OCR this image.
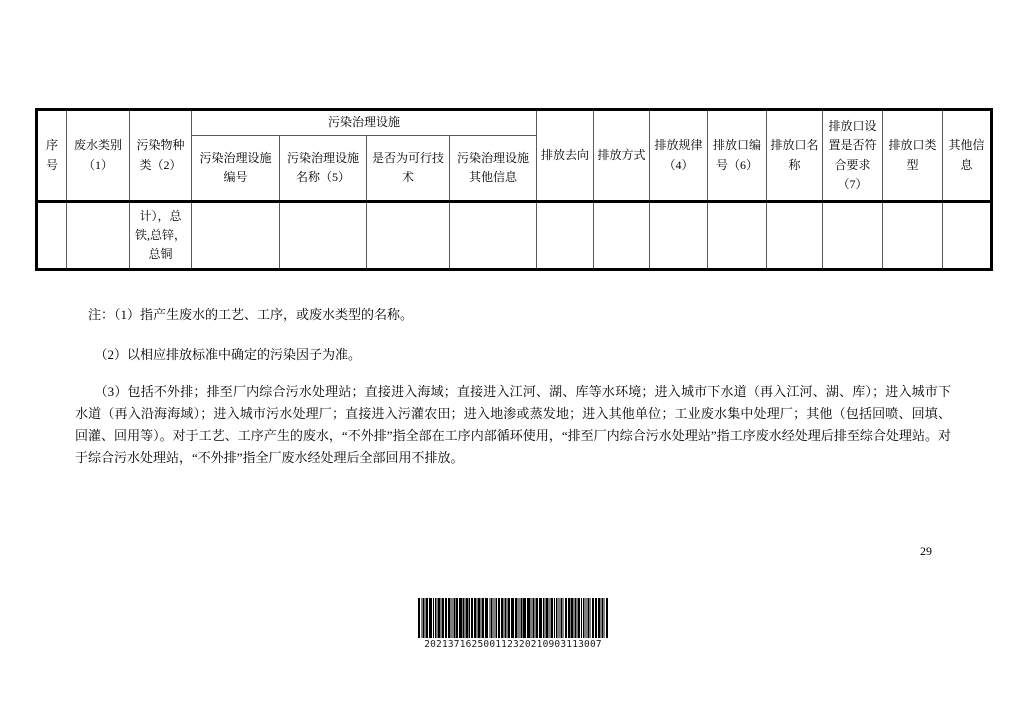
序号	废水类别（1）	污染物种类（2）	污染治理设施				排放去向	排放方式	排放规律（4）	排放口编号（6）	排放口名称	排放口设置是否符合要求（7）	排放口类型	其他信息
			污染治理设施编号	污染治理设施名称（5）	是否为可行技术	污染治理设施其他信息								
		计），总铁,总锌，总铜												

注：（1）指产生废水的工艺、工序，或废水类型的名称。

（2）以相应排放标准中确定的污染因子为准。

（3）包括不外排；排至厂内综合污水处理站；直接进入海域；直接进入江河、湖、库等水环境；进入城市下水道（再入江河、湖、库）；进入城市下水道（再入沿海海域）；进入城市污水处理厂；直接进入污灌农田；进入地渗或蒸发地；进入其他单位；工业废水集中处理厂；其他（包括回喷、回填、回灌、回用等）。对于工艺、工序产生的废水，“不外排”指全部在工序内部循环使用，“排至厂内综合污水处理站”指工序废水经处理后排至综合处理站。对于综合污水处理站，“不外排”指全厂废水经处理后全部回用不排放。

29
202137162500112320210903113007
